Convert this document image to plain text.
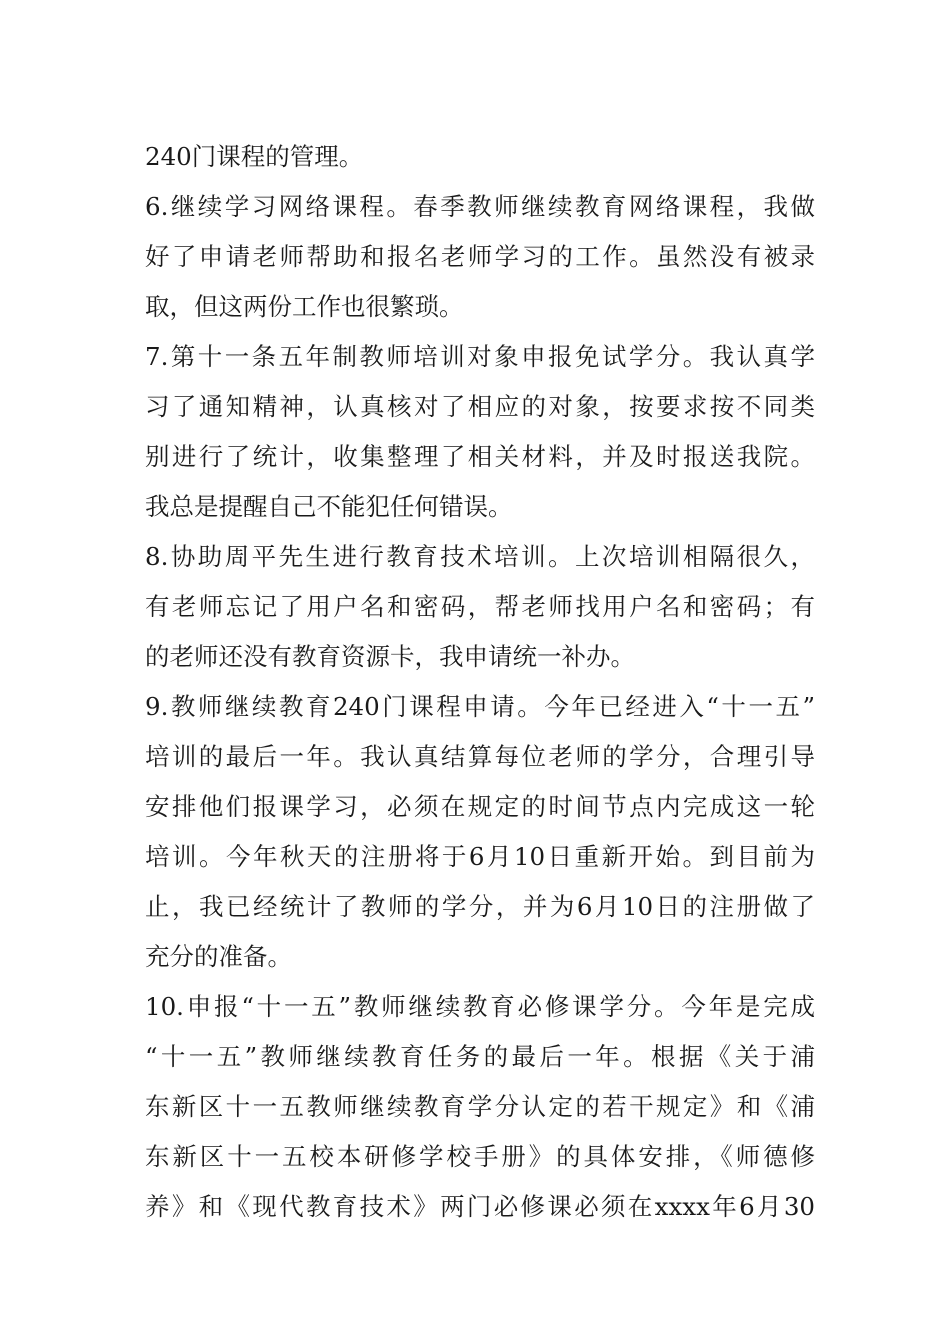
240门课程的管理。
6.继续学习网络课程。春季教师继续教育网络课程，我做
好了申请老师帮助和报名老师学习的工作。虽然没有被录
取，但这两份工作也很繁琐。
7.第十一条五年制教师培训对象申报免试学分。我认真学
习了通知精神，认真核对了相应的对象，按要求按不同类
别进行了统计，收集整理了相关材料，并及时报送我院。
我总是提醒自己不能犯任何错误。
8.协助周平先生进行教育技术培训。上次培训相隔很久，
有老师忘记了用户名和密码，帮老师找用户名和密码；有
的老师还没有教育资源卡，我申请统一补办。
9.教师继续教育240门课程申请。今年已经进入“十一五”
培训的最后一年。我认真结算每位老师的学分，合理引导
安排他们报课学习，必须在规定的时间节点内完成这一轮
培训。今年秋天的注册将于6月10日重新开始。到目前为
止，我已经统计了教师的学分，并为6月10日的注册做了
充分的准备。
10.申报“十一五”教师继续教育必修课学分。今年是完成
“十一五”教师继续教育任务的最后一年。根据《关于浦
东新区十一五教师继续教育学分认定的若干规定》和《浦
东新区十一五校本研修学校手册》的具体安排，《师德修
养》和《现代教育技术》两门必修课必须在xxxx年6月30
